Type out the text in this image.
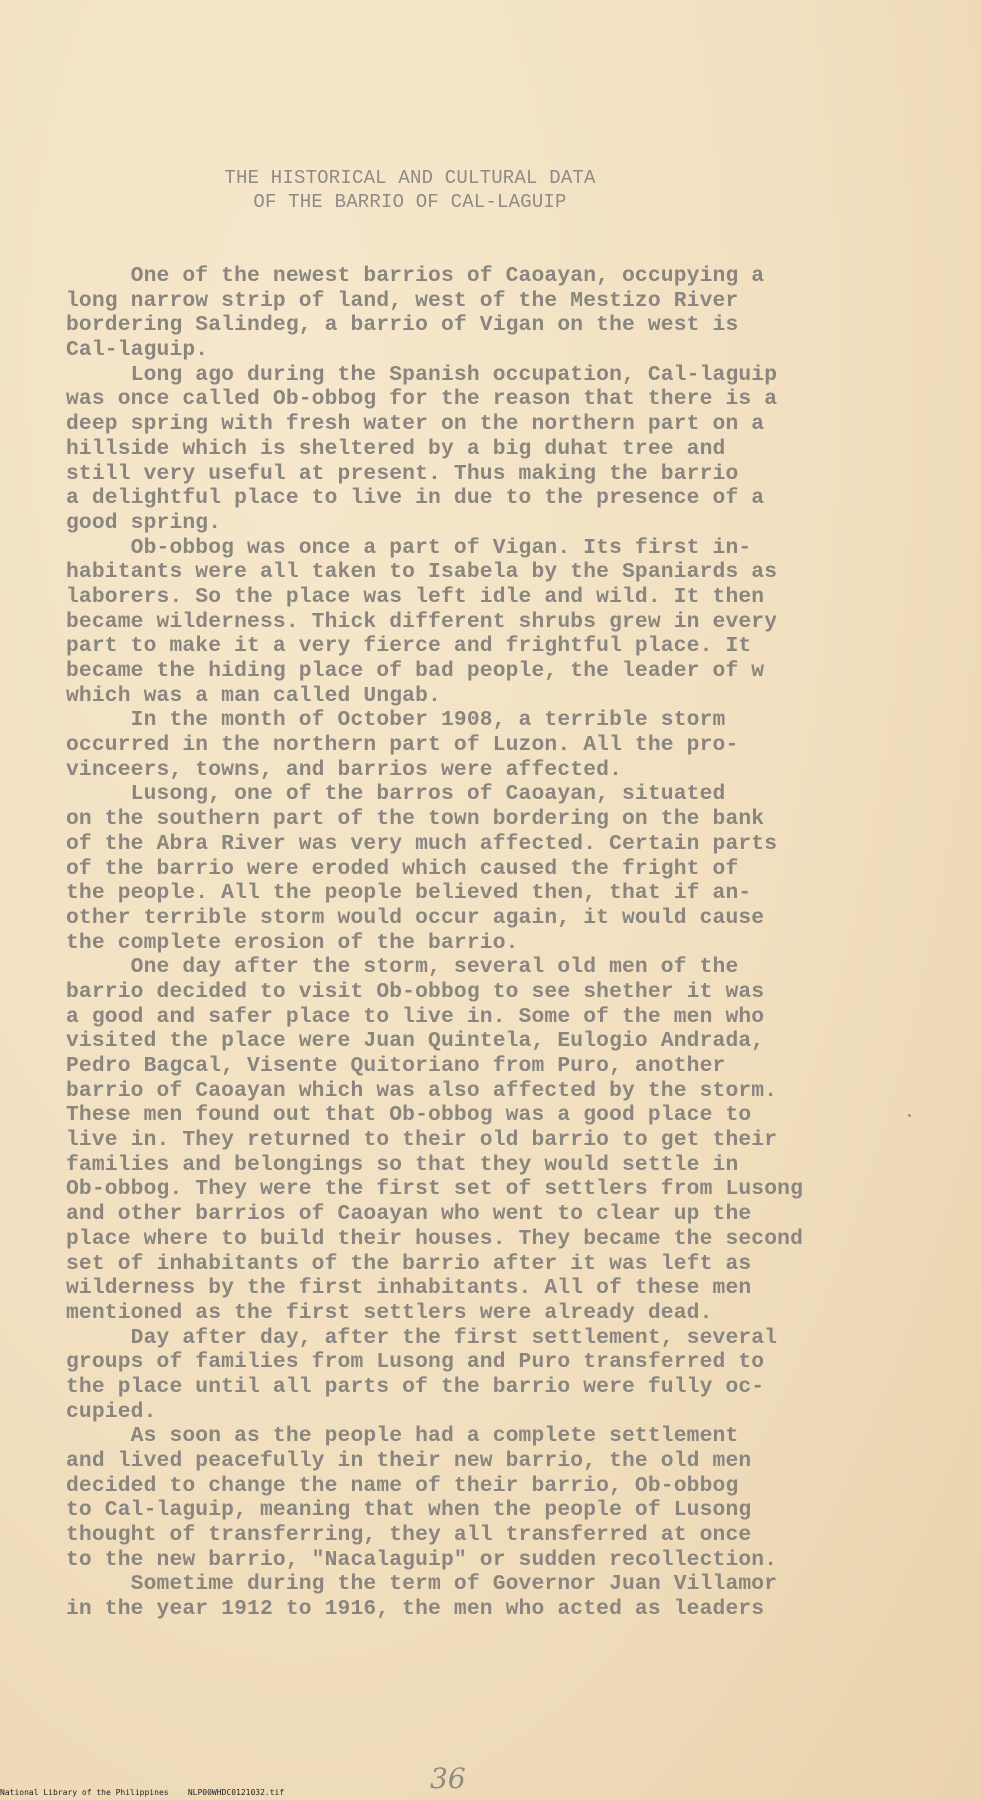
THE HISTORICAL AND CULTURAL DATA
OF THE BARRIO OF CAL-LAGUIP
One of the newest barrios of Caoayan, occupying a
long narrow strip of land, west of the Mestizo River
bordering Salindeg, a barrio of Vigan on the west is
Cal-laguip.
Long ago during the Spanish occupation, Cal-laguip
was once called Ob-obbog for the reason that there is a
deep spring with fresh water on the northern part on a
hillside which is sheltered by a big duhat tree and
still very useful at present. Thus making the barrio
a delightful place to live in due to the presence of a
good spring.
Ob-obbog was once a part of Vigan. Its first in-
habitants were all taken to Isabela by the Spaniards as
laborers. So the place was left idle and wild. It then
became wilderness. Thick different shrubs grew in every
part to make it a very fierce and frightful place. It
became the hiding place of bad people, the leader of w
which was a man called Ungab.
In the month of October 1908, a terrible storm
occurred in the northern part of Luzon. All the pro-
vinceers, towns, and barrios were affected.
Lusong, one of the barros of Caoayan, situated
on the southern part of the town bordering on the bank
of the Abra River was very much affected. Certain parts
of the barrio were eroded which caused the fright of
the people. All the people believed then, that if an-
other terrible storm would occur again, it would cause
the complete erosion of the barrio.
One day after the storm, several old men of the
barrio decided to visit Ob-obbog to see shether it was
a good and safer place to live in. Some of the men who
visited the place were Juan Quintela, Eulogio Andrada,
Pedro Bagcal, Visente Quitoriano from Puro, another
barrio of Caoayan which was also affected by the storm.
These men found out that Ob-obbog was a good place to
live in. They returned to their old barrio to get their
families and belongings so that they would settle in
Ob-obbog. They were the first set of settlers from Lusong
and other barrios of Caoayan who went to clear up the
place where to build their houses. They became the second
set of inhabitants of the barrio after it was left as
wilderness by the first inhabitants. All of these men
mentioned as the first settlers were already dead.
Day after day, after the first settlement, several
groups of families from Lusong and Puro transferred to
the place until all parts of the barrio were fully oc-
cupied.
As soon as the people had a complete settlement
and lived peacefully in their new barrio, the old men
decided to change the name of their barrio, Ob-obbog
to Cal-laguip, meaning that when the people of Lusong
thought of transferring, they all transferred at once
to the new barrio, "Nacalaguip" or sudden recollection.
Sometime during the term of Governor Juan Villamor
in the year 1912 to 1916, the men who acted as leaders
36
National Library of the Philippines    NLP00WHDC0121032.tif
